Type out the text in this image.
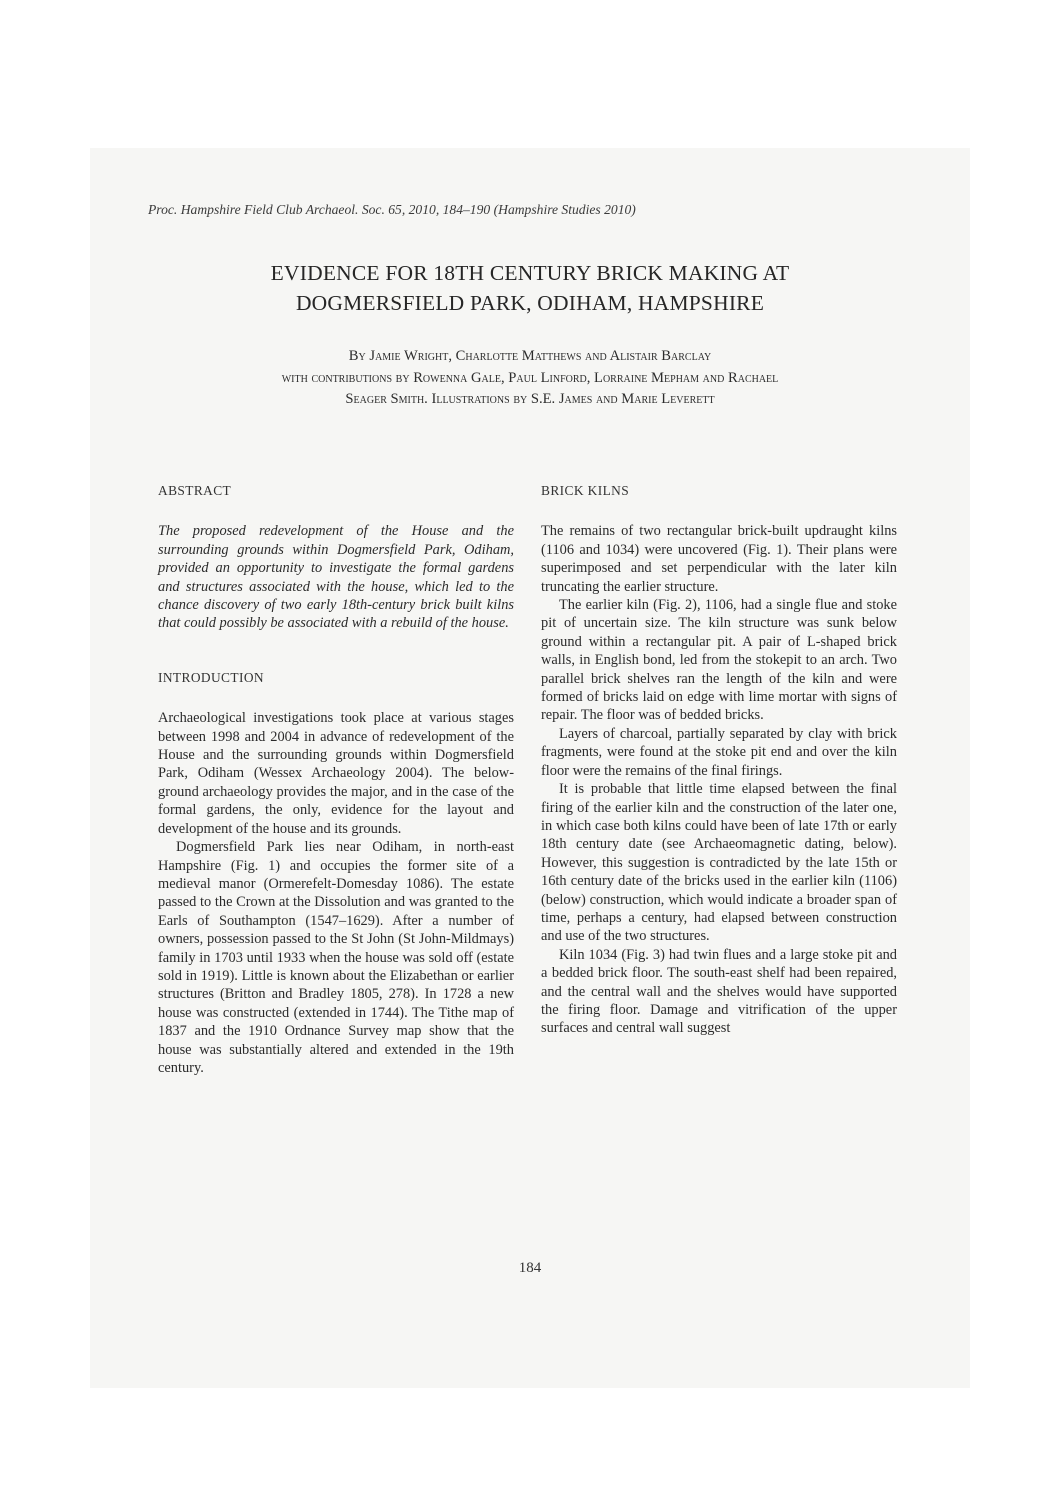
Proc. Hampshire Field Club Archaeol. Soc. 65, 2010, 184–190 (Hampshire Studies 2010)
EVIDENCE FOR 18TH CENTURY BRICK MAKING AT
DOGMERSFIELD PARK, ODIHAM, HAMPSHIRE
By Jamie Wright, Charlotte Matthews and Alistair Barclay
with contributions by Rowenna Gale, Paul Linford, Lorraine Mepham and Rachael
Seager Smith. Illustrations by S.E. James and Marie Leverett
ABSTRACT

The proposed redevelopment of the House and the surrounding grounds within Dogmersfield Park, Odiham, provided an opportunity to investigate the formal gardens and structures associated with the house, which led to the chance discovery of two early 18th-century brick built kilns that could possibly be associated with a rebuild of the house.

INTRODUCTION

Archaeological investigations took place at various stages between 1998 and 2004 in advance of redevelopment of the House and the surrounding grounds within Dogmersfield Park, Odiham (Wessex Archaeology 2004). The below-ground archaeology provides the major, and in the case of the formal gardens, the only, evidence for the layout and development of the house and its grounds.

Dogmersfield Park lies near Odiham, in north-east Hampshire (Fig. 1) and occupies the former site of a medieval manor (Ormerefelt-Domesday 1086). The estate passed to the Crown at the Dissolution and was granted to the Earls of Southampton (1547–1629). After a number of owners, possession passed to the St John (St John-Mildmays) family in 1703 until 1933 when the house was sold off (estate sold in 1919). Little is known about the Elizabethan or earlier structures (Britton and Bradley 1805, 278). In 1728 a new house was constructed (extended in 1744). The Tithe map of 1837 and the 1910 Ordnance Survey map show that the house was substantially altered and extended in the 19th century.

BRICK KILNS

The remains of two rectangular brick-built updraught kilns (1106 and 1034) were uncovered (Fig. 1). Their plans were superimposed and set perpendicular with the later kiln truncating the earlier structure.

The earlier kiln (Fig. 2), 1106, had a single flue and stoke pit of uncertain size. The kiln structure was sunk below ground within a rectangular pit. A pair of L-shaped brick walls, in English bond, led from the stokepit to an arch. Two parallel brick shelves ran the length of the kiln and were formed of bricks laid on edge with lime mortar with signs of repair. The floor was of bedded bricks.

Layers of charcoal, partially separated by clay with brick fragments, were found at the stoke pit end and over the kiln floor were the remains of the final firings.

It is probable that little time elapsed between the final firing of the earlier kiln and the construction of the later one, in which case both kilns could have been of late 17th or early 18th century date (see Archaeomagnetic dating, below). However, this suggestion is contradicted by the late 15th or 16th century date of the bricks used in the earlier kiln (1106) (below) construction, which would indicate a broader span of time, perhaps a century, had elapsed between construction and use of the two structures.

Kiln 1034 (Fig. 3) had twin flues and a large stoke pit and a bedded brick floor. The south-east shelf had been repaired, and the central wall and the shelves would have supported the firing floor. Damage and vitrification of the upper surfaces and central wall suggest

184
